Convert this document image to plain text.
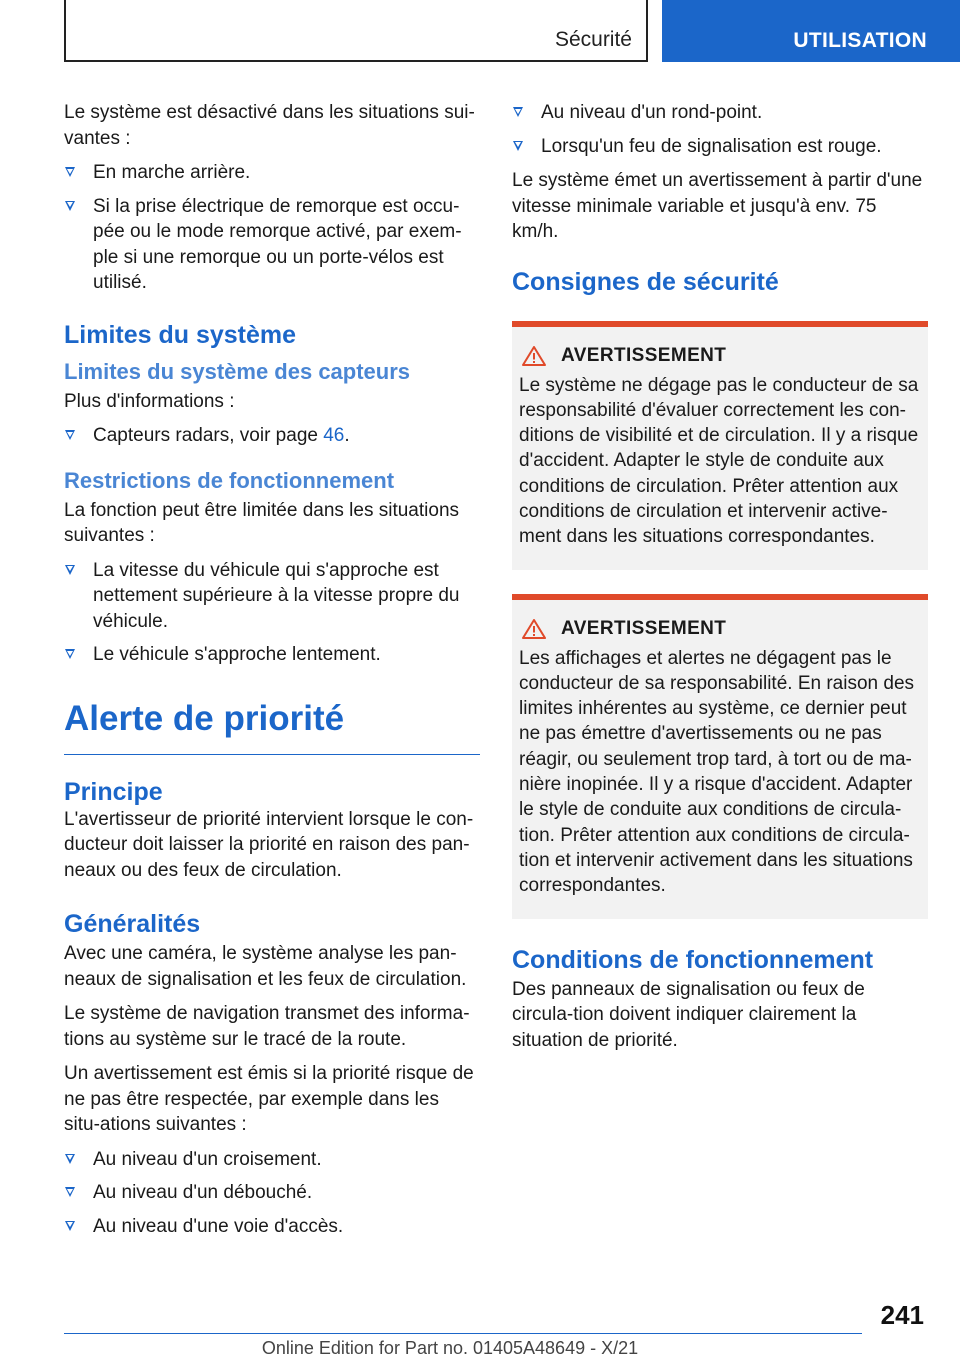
Sécurité	UTILISATION

Le système est désactivé dans les situations sui-vantes :

En marche arrière.
Si la prise électrique de remorque est occu-pée ou le mode remorque activé, par exem-ple si une remorque ou un porte-vélos est utilisé.
Limites du système
Limites du système des capteurs

Plus d'informations :

Capteurs radars, voir page 46.
Restrictions de fonctionnement

La fonction peut être limitée dans les situations suivantes :

La vitesse du véhicule qui s'approche est nettement supérieure à la vitesse propre du véhicule.
Le véhicule s'approche lentement.
Alerte de priorité
Principe

L'avertisseur de priorité intervient lorsque le con-ducteur doit laisser la priorité en raison des pan-neaux ou des feux de circulation.

Généralités

Avec une caméra, le système analyse les pan-neaux de signalisation et les feux de circulation.

Le système de navigation transmet des informa-tions au système sur le tracé de la route.

Un avertissement est émis si la priorité risque de ne pas être respectée, par exemple dans les situ-ations suivantes :

Au niveau d'un croisement.
Au niveau d'un débouché.
Au niveau d'une voie d'accès.
Au niveau d'un rond-point.
Lorsqu'un feu de signalisation est rouge.

Le système émet un avertissement à partir d'une vitesse minimale variable et jusqu'à env. 75 km/h.

Consignes de sécurité
AVERTISSEMENT

Le système ne dégage pas le conducteur de sa responsabilité d'évaluer correctement les con-ditions de visibilité et de circulation. Il y a risque d'accident. Adapter le style de conduite aux conditions de circulation. Prêter attention aux conditions de circulation et intervenir active-ment dans les situations correspondantes.

AVERTISSEMENT

Les affichages et alertes ne dégagent pas le conducteur de sa responsabilité. En raison des limites inhérentes au système, ce dernier peut ne pas émettre d'avertissements ou ne pas réagir, ou seulement trop tard, à tort ou de ma-nière inopinée. Il y a risque d'accident. Adapter le style de conduite aux conditions de circula-tion. Prêter attention aux conditions de circula-tion et intervenir activement dans les situations correspondantes.

Conditions de fonctionnement

Des panneaux de signalisation ou feux de circula-tion doivent indiquer clairement la situation de priorité.

241
Online Edition for Part no. 01405A48649 - X/21
